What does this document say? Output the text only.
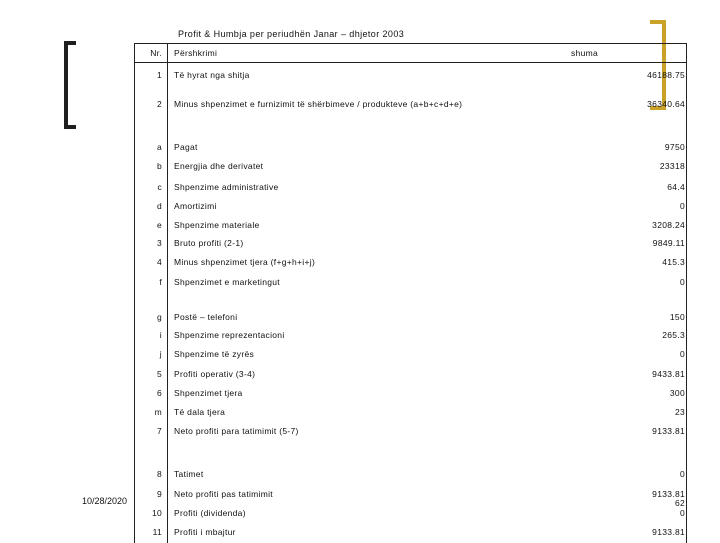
Profit & Humbja per periudhën Janar – dhjetor 2003
10/28/2020
Nr. Përshkrimi	shuma
1 Të hyrat nga shitja	46188.75
2 Minus shpenzimet e furnizimit të shërbimeve / produkteve (a+b+c+d+e)	36340.64
a Pagat	9750
b Energjia dhe derivatet	23318
c Shpenzime administrative	64.4
d Amortizimi	0
e Shpenzime materiale	3208.24
3 Bruto profiti (2-1)	9849.11
4 Minus shpenzimet tjera (f+g+h+i+j)	415.3
f Shpenzimet e marketingut	0
g Postë – telefoni	150
i Shpenzime reprezentacioni	265.3
j Shpenzime të zyrës	0
5 Profiti operativ (3-4)	9433.81
6 Shpenzimet tjera	300
m Të dala tjera	23
7 Neto profiti para tatimimit (5-7)	9133.81
8 Tatimet	0
9 Neto profiti pas tatimimit	9133.81
62
10 Profiti (dividenda)	0
11 Profiti i mbajtur	9133.81
